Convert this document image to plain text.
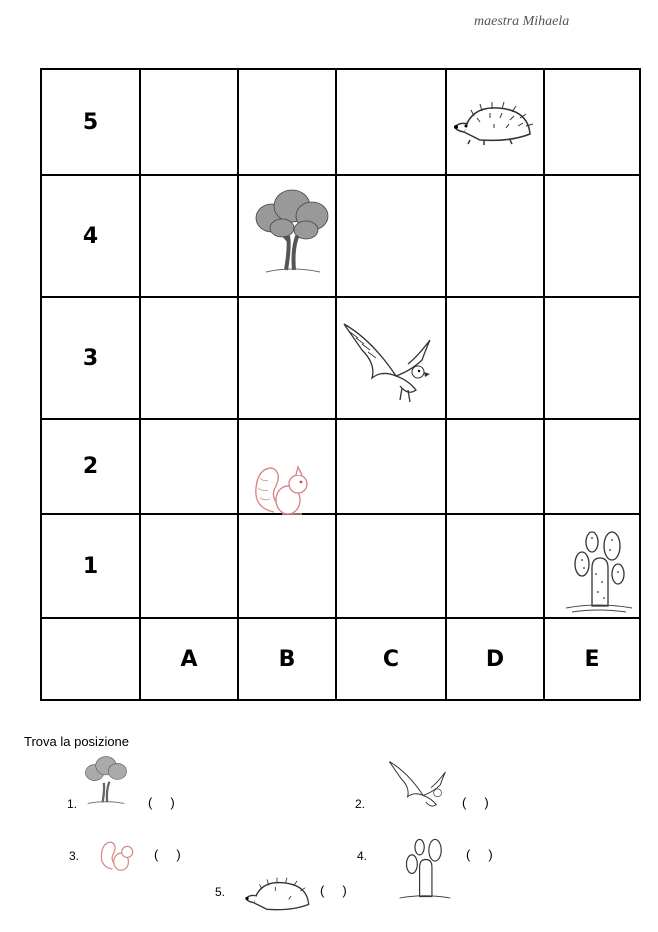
maestra Mihaela
5					
4					
3					
2					
1					
	A	B	C	D	E
Trova la posizione
1.	(     )	2.	(     )
3.	(     )	4.	(     )
5.	(     )
